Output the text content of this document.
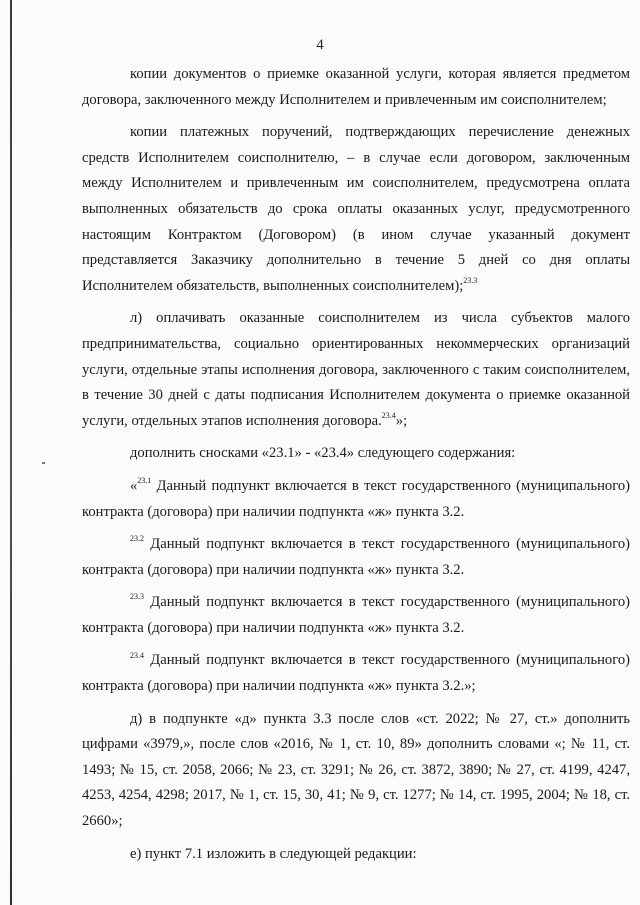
4

копии документов о приемке оказанной услуги, которая является предметом договора, заключенного между Исполнителем и привлеченным им соисполнителем;

копии платежных поручений, подтверждающих перечисление денежных средств Исполнителем соисполнителю, – в случае если договором, заключенным между Исполнителем и привлеченным им соисполнителем, предусмотрена оплата выполненных обязательств до срока оплаты оказанных услуг, предусмотренного настоящим Контрактом (Договором) (в ином случае указанный документ представляется Заказчику дополнительно в течение 5 дней со дня оплаты Исполнителем обязательств, выполненных соисполнителем);$^{23.3}$

л) оплачивать оказанные соисполнителем из числа субъектов малого предпринимательства, социально ориентированных некоммерческих организаций услуги, отдельные этапы исполнения договора, заключенного с таким соисполнителем, в течение 30 дней с даты подписания Исполнителем документа о приемке оказанной услуги, отдельных этапов исполнения договора.$^{23.4}$»;

дополнить сносками «23.1» - «23.4» следующего содержания:

«$^{23.1}$ Данный подпункт включается в текст государственного (муниципального) контракта (договора) при наличии подпункта «ж» пункта 3.2.

$^{23.2}$ Данный подпункт включается в текст государственного (муниципального) контракта (договора) при наличии подпункта «ж» пункта 3.2.

$^{23.3}$ Данный подпункт включается в текст государственного (муниципального) контракта (договора) при наличии подпункта «ж» пункта 3.2.

$^{23.4}$ Данный подпункт включается в текст государственного (муниципального) контракта (договора) при наличии подпункта «ж» пункта 3.2.»;

д) в подпункте «д» пункта 3.3 после слов «ст. 2022; № 27, ст.» дополнить цифрами «3979,», после слов «2016, № 1, ст. 10, 89» дополнить словами «; № 11, ст. 1493; № 15, ст. 2058, 2066; № 23, ст. 3291; № 26, ст. 3872, 3890; № 27, ст. 4199, 4247, 4253, 4254, 4298; 2017, № 1, ст. 15, 30, 41; № 9, ст. 1277; № 14, ст. 1995, 2004; № 18, ст. 2660»;

е) пункт 7.1 изложить в следующей редакции:
